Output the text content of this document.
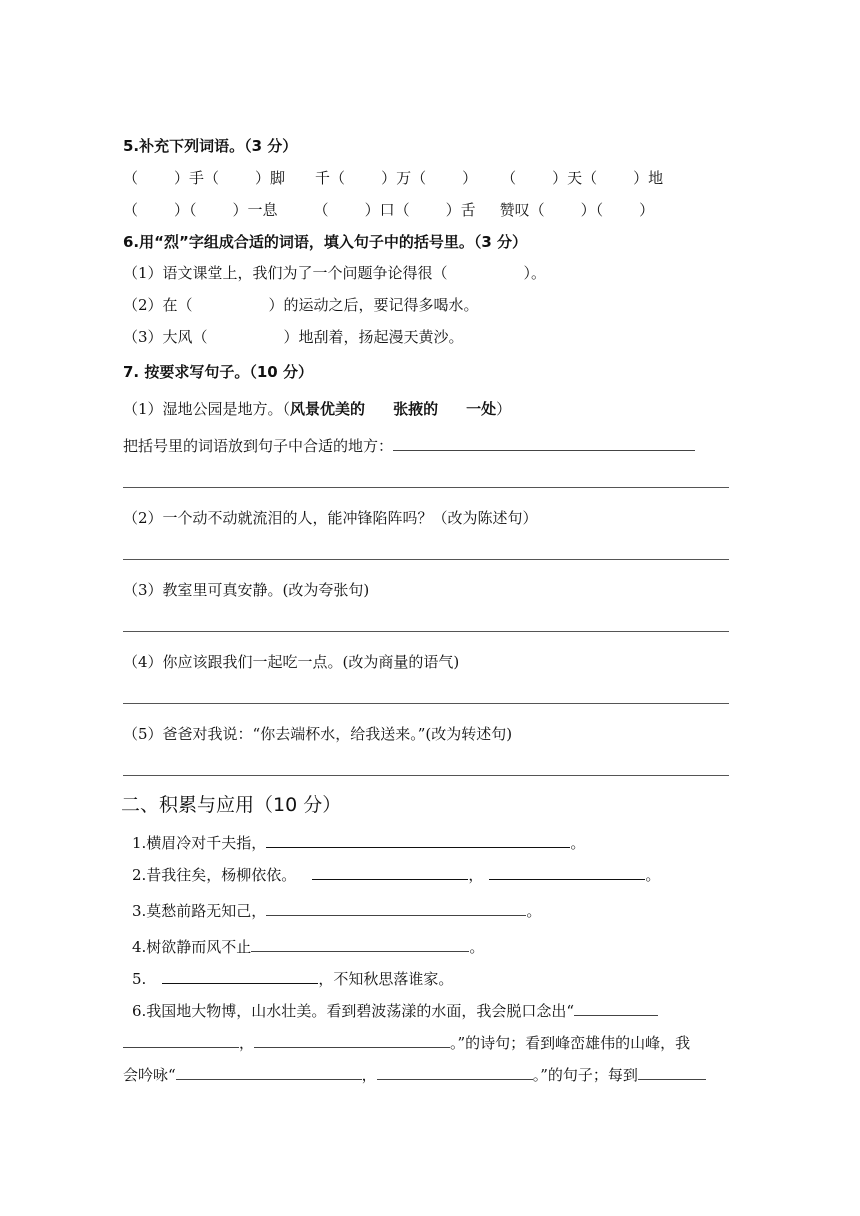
5.补充下列词语。（3 分）
（ ）手（ ）脚 千（ ）万（ ） （ ）天（ ）地
（ ）（ ）一息 （ ）口（ ）舌 赞叹（ ）（ ）
6.用“烈”字组成合适的词语，填入句子中的括号里。（3 分）
（1）语文课堂上，我们为了一个问题争论得很（	）。
（2）在（	）的运动之后，要记得多喝水。
（3）大风（	）地刮着，扬起漫天黄沙。
7. 按要求写句子。（10 分）
（1）湿地公园是地方。（风景优美的 张掖的 一处）
把括号里的词语放到句子中合适的地方：
（2）一个动不动就流泪的人，能冲锋陷阵吗？（改为陈述句）
（3）教室里可真安静。(改为夸张句)
（4）你应该跟我们一起吃一点。(改为商量的语气)
（5）爸爸对我说：“你去端杯水，给我送来。”(改为转述句)
二、积累与应用（10 分）
1.横眉冷对千夫指，	。
2.昔我往矣，杨柳依依。	，	。
3.莫愁前路无知己，	。
4.树欲静而风不止	。
5.	，不知秋思落谁家。
6.我国地大物博，山水壮美。看到碧波荡漾的水面，我会脱口念出“
，	。”的诗句；看到峰峦雄伟的山峰，我
会吟咏“	，	。”的句子；每到
